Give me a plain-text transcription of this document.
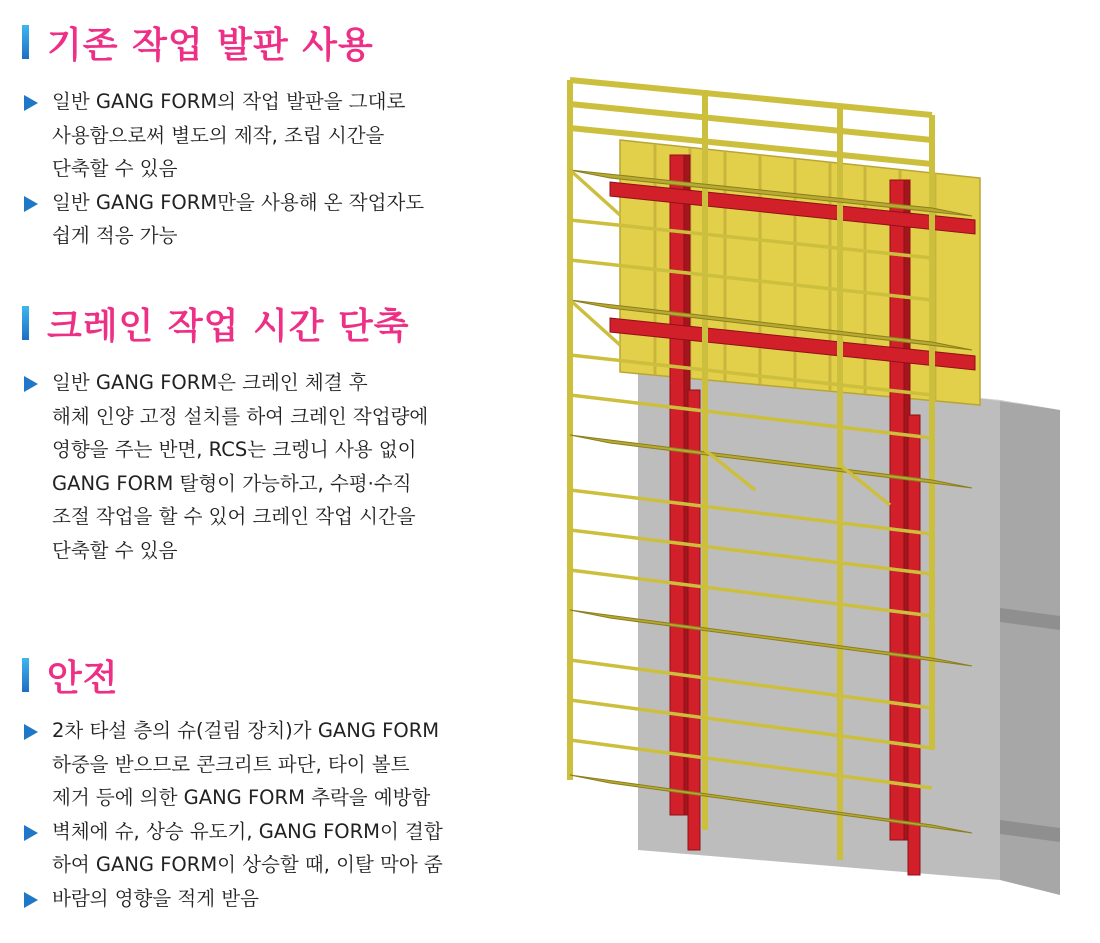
기존 작업 발판 사용
일반 GANG FORM의 작업 발판을 그대로
사용함으로써 별도의 제작, 조립 시간을
단축할 수 있음
일반 GANG FORM만을 사용해 온 작업자도
쉽게 적응 가능
크레인 작업 시간 단축
일반 GANG FORM은 크레인 체결 후
해체 인양 고정 설치를 하여 크레인 작업량에
영향을 주는 반면, RCS는 크렝니 사용 없이
GANG FORM 탈형이 가능하고, 수평·수직
조절 작업을 할 수 있어 크레인 작업 시간을
단축할 수 있음
안전
2차 타설 층의 슈(걸림 장치)가 GANG FORM
하중을 받으므로 콘크리트 파단, 타이 볼트
제거 등에 의한 GANG FORM 추락을 예방함
벽체에 슈, 상승 유도기, GANG FORM이 결합
하여 GANG FORM이 상승할 때, 이탈 막아 줌
바람의 영향을 적게 받음
